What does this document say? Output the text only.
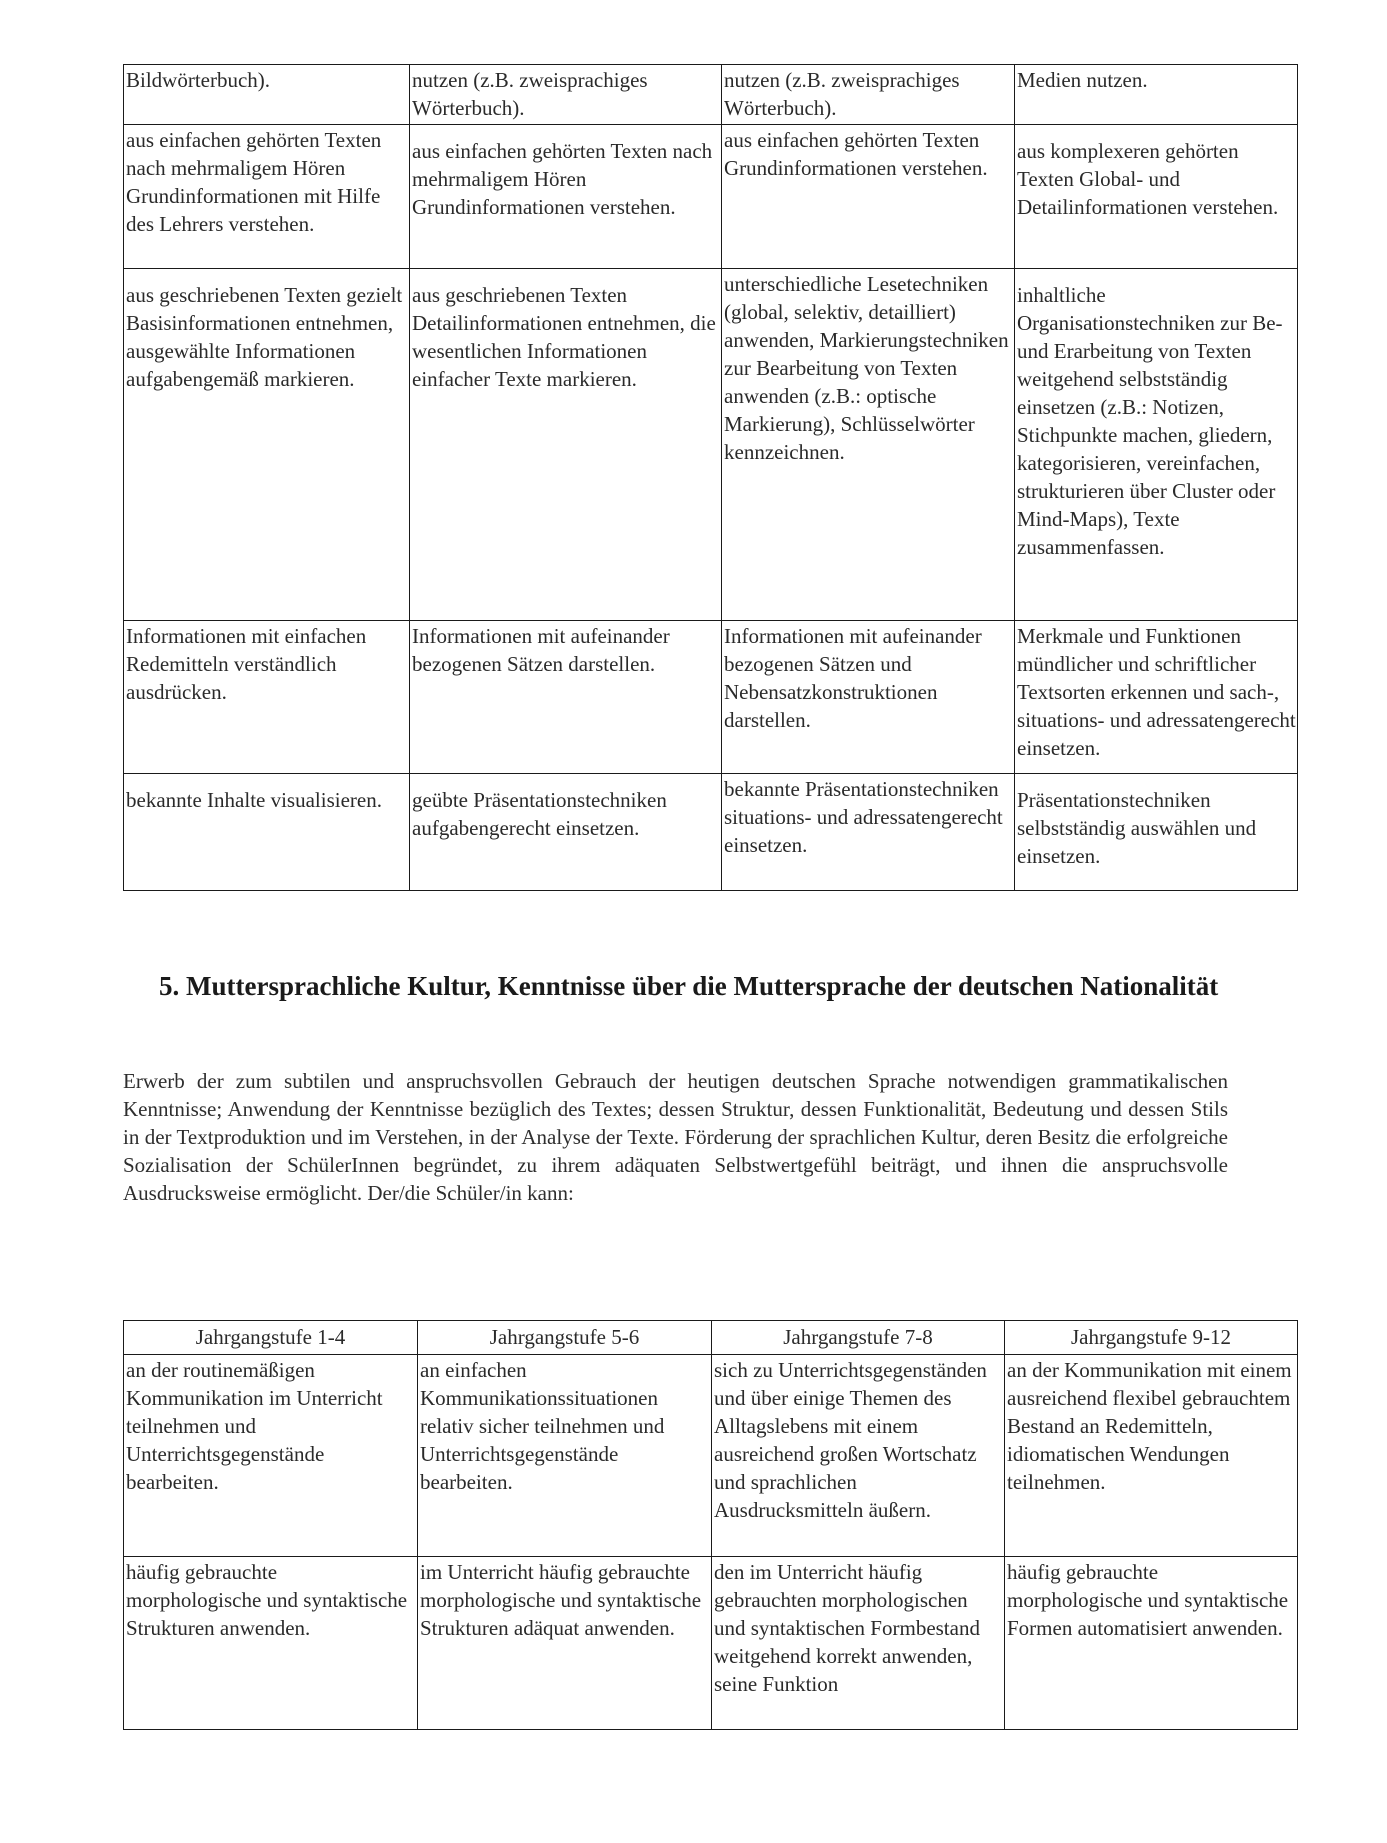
Bildwörterbuch).	nutzen (z.B. zweisprachiges Wörterbuch).	nutzen (z.B. zweisprachiges Wörterbuch).	Medien nutzen.
aus einfachen gehörten Texten nach mehrmaligem Hören Grundinformationen mit Hilfe des Lehrers verstehen.	aus einfachen gehörten Texten nach mehrmaligem Hören Grundinformationen verstehen.	aus einfachen gehörten Texten Grundinformationen verstehen.	aus komplexeren gehörten Texten Global- und Detailinformationen verstehen.
aus geschriebenen Texten gezielt Basisinformationen entnehmen, ausgewählte Informationen aufgabengemäß markieren.	aus geschriebenen Texten Detailinformationen entnehmen, die wesentlichen Informationen einfacher Texte markieren.	unterschiedliche Lesetechniken (global, selektiv, detailliert) anwenden, Markierungstechniken zur Bearbeitung von Texten anwenden (z.B.: optische Markierung), Schlüsselwörter kennzeichnen.	inhaltliche Organisationstechniken zur Be- und Erarbeitung von Texten weitgehend selbstständig einsetzen (z.B.: Notizen, Stichpunkte machen, gliedern, kategorisieren, vereinfachen, strukturieren über Cluster oder Mind-Maps), Texte zusammenfassen.
Informationen mit einfachen Redemitteln verständlich ausdrücken.	Informationen mit aufeinander bezogenen Sätzen darstellen.	Informationen mit aufeinander bezogenen Sätzen und Nebensatzkonstruktionen darstellen.	Merkmale und Funktionen mündlicher und schriftlicher Textsorten erkennen und sach-, situations- und adressatengerecht einsetzen.
bekannte Inhalte visualisieren.	geübte Präsentationstechniken aufgabengerecht einsetzen.	bekannte Präsentationstechniken situations- und adressatengerecht einsetzen.	Präsentationstechniken selbstständig auswählen und einsetzen.
5. Muttersprachliche Kultur, Kenntnisse über die Muttersprache der deutschen Nationalität
Erwerb der zum subtilen und anspruchsvollen Gebrauch der heutigen deutschen Sprache notwendigen grammatikalischen Kenntnisse; Anwendung der Kenntnisse bezüglich des Textes; dessen Struktur, dessen Funktionalität, Bedeutung und dessen Stils in der Textproduktion und im Verstehen, in der Analyse der Texte. Förderung der sprachlichen Kultur, deren Besitz die erfolgreiche Sozialisation der SchülerInnen begründet, zu ihrem adäquaten Selbstwertgefühl beiträgt, und ihnen die anspruchsvolle Ausdrucksweise ermöglicht. Der/die Schüler/in kann:
Jahrgangstufe 1-4	Jahrgangstufe 5-6	Jahrgangstufe 7-8	Jahrgangstufe 9-12
an der routinemäßigen Kommunikation im Unterricht teilnehmen und Unterrichtsgegenstände bearbeiten.	an einfachen Kommunikationssituationen relativ sicher teilnehmen und Unterrichtsgegenstände bearbeiten.	sich zu Unterrichtsgegenständen und über einige Themen des Alltagslebens mit einem ausreichend großen Wortschatz und sprachlichen Ausdrucksmitteln äußern.	an der Kommunikation mit einem ausreichend flexibel gebrauchtem Bestand an Redemitteln, idiomatischen Wendungen teilnehmen.
häufig gebrauchte morphologische und syntaktische Strukturen anwenden.	im Unterricht häufig gebrauchte morphologische und syntaktische Strukturen adäquat anwenden.	den im Unterricht häufig gebrauchten morphologischen und syntaktischen Formbestand weitgehend korrekt anwenden, seine Funktion	häufig gebrauchte morphologische und syntaktische Formen automatisiert anwenden.
